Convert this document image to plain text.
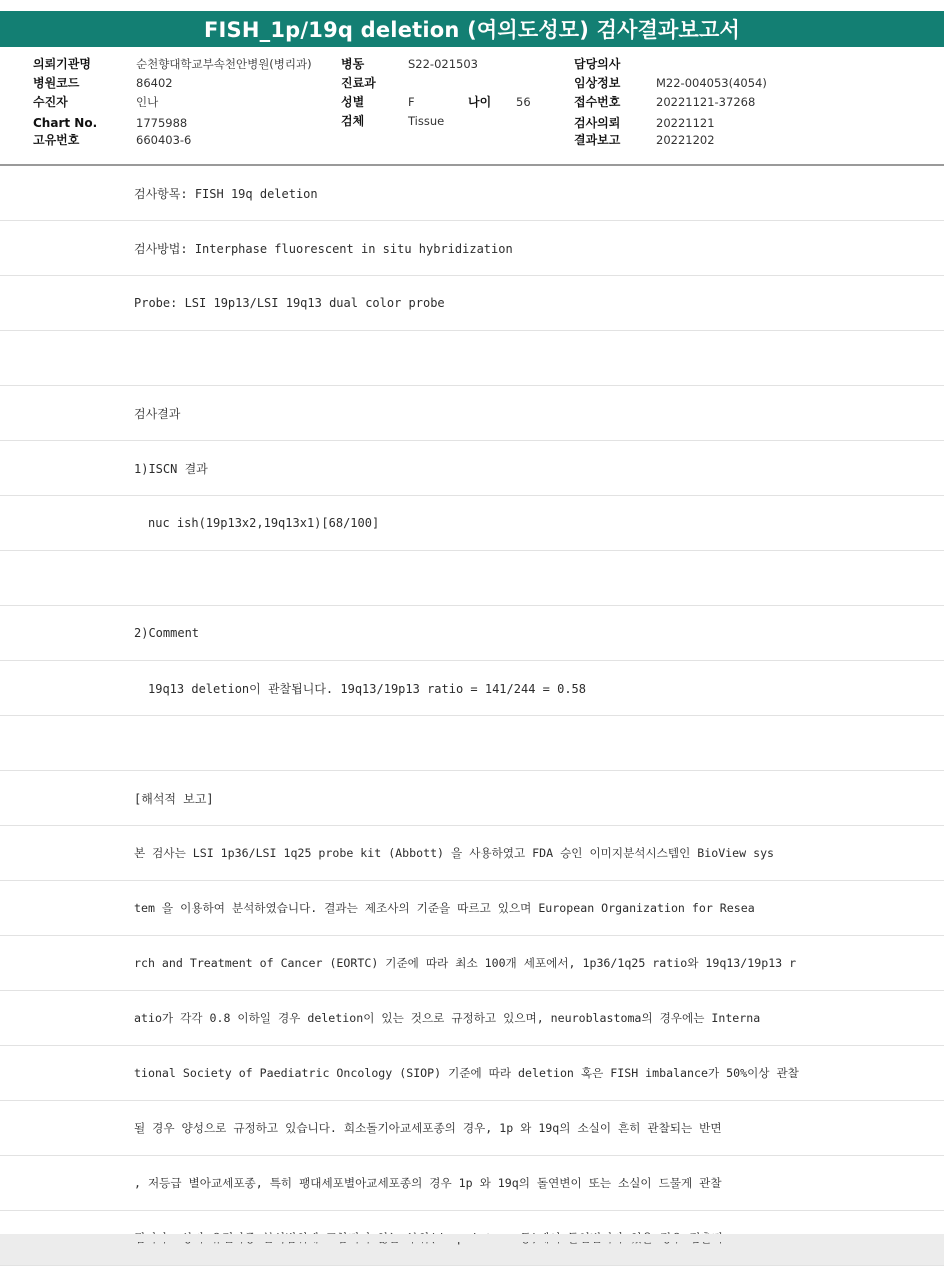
FISH_1p/19q deletion (여의도성모) 검사결과보고서
의뢰기관명	순천향대학교부속천안병원(병리과)
병원코드	86402
수진자	인나
Chart No.	1775988
고유번호	660403-6
병동	S22-021503
진료과
성별	F	나이 56
검체	Tissue
담당의사
임상정보	M22-004053(4054)
접수번호	20221121-37268
검사의뢰	20221121
결과보고	20221202
검사항목: FISH 19q deletion
검사방법: Interphase fluorescent in situ hybridization
Probe: LSI 19p13/LSI 19q13 dual color probe
검사결과
1)ISCN 결과
nuc ish(19p13x2,19q13x1)[68/100]
2)Comment
19q13 deletion이 관찰됩니다. 19q13/19p13 ratio = 141/244 = 0.58
[해석적 보고]
본 검사는 LSI 1p36/LSI 1q25 probe kit (Abbott) 을 사용하였고 FDA 승인 이미지분석시스템인 BioView sys
tem 을 이용하여 분석하였습니다. 결과는 제조사의 기준을 따르고 있으며 European Organization for Resea
rch and Treatment of Cancer (EORTC) 기준에 따라 최소 100개 세포에서, 1p36/1q25 ratio와 19q13/19p13 r
atio가 각각 0.8 이하일 경우 deletion이 있는 것으로 규정하고 있으며, neuroblastoma의 경우에는 Interna
tional Society of Paediatric Oncology (SIOP) 기준에 따라 deletion 혹은 FISH imbalance가 50%이상 관찰
될 경우 양성으로 규정하고 있습니다. 희소돌기아교세포종의 경우, 1p 와 19q의 소실이 흔히 관찰되는 반면
, 저등급 별아교세포종, 특히 팽대세포별아교세포종의 경우 1p 와 19q의 돌연변이 또는 소실이 드물게 관찰
